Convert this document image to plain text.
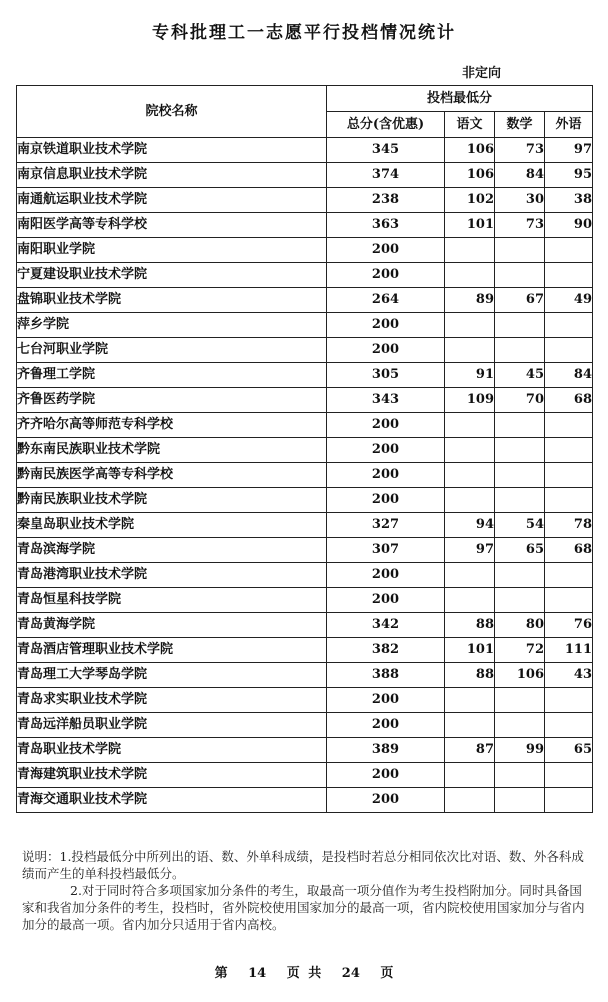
专科批理工一志愿平行投档情况统计
非定向
院校名称	投档最低分			
	总分(含优惠)	语文	数学	外语
南京铁道职业技术学院	345	106	73	97
南京信息职业技术学院	374	106	84	95
南通航运职业技术学院	238	102	30	38
南阳医学高等专科学校	363	101	73	90
南阳职业学院	200			
宁夏建设职业技术学院	200			
盘锦职业技术学院	264	89	67	49
萍乡学院	200			
七台河职业学院	200			
齐鲁理工学院	305	91	45	84
齐鲁医药学院	343	109	70	68
齐齐哈尔高等师范专科学校	200			
黔东南民族职业技术学院	200			
黔南民族医学高等专科学校	200			
黔南民族职业技术学院	200			
秦皇岛职业技术学院	327	94	54	78
青岛滨海学院	307	97	65	68
青岛港湾职业技术学院	200			
青岛恒星科技学院	200			
青岛黄海学院	342	88	80	76
青岛酒店管理职业技术学院	382	101	72	111
青岛理工大学琴岛学院	388	88	106	43
青岛求实职业技术学院	200			
青岛远洋船员职业学院	200			
青岛职业技术学院	389	87	99	65
青海建筑职业技术学院	200			
青海交通职业技术学院	200			

说明：1.投档最低分中所列出的语、数、外单科成绩，是投档时若总分相同依次比对语、数、外各科成绩而产生的单科投档最低分。

2.对于同时符合多项国家加分条件的考生，取最高一项分值作为考生投档附加分。同时具备国家和我省加分条件的考生，投档时，省外院校使用国家加分的最高一项，省内院校使用国家加分与省内加分的最高一项。省内加分只适用于省内高校。

第 14 页 共 24 页
